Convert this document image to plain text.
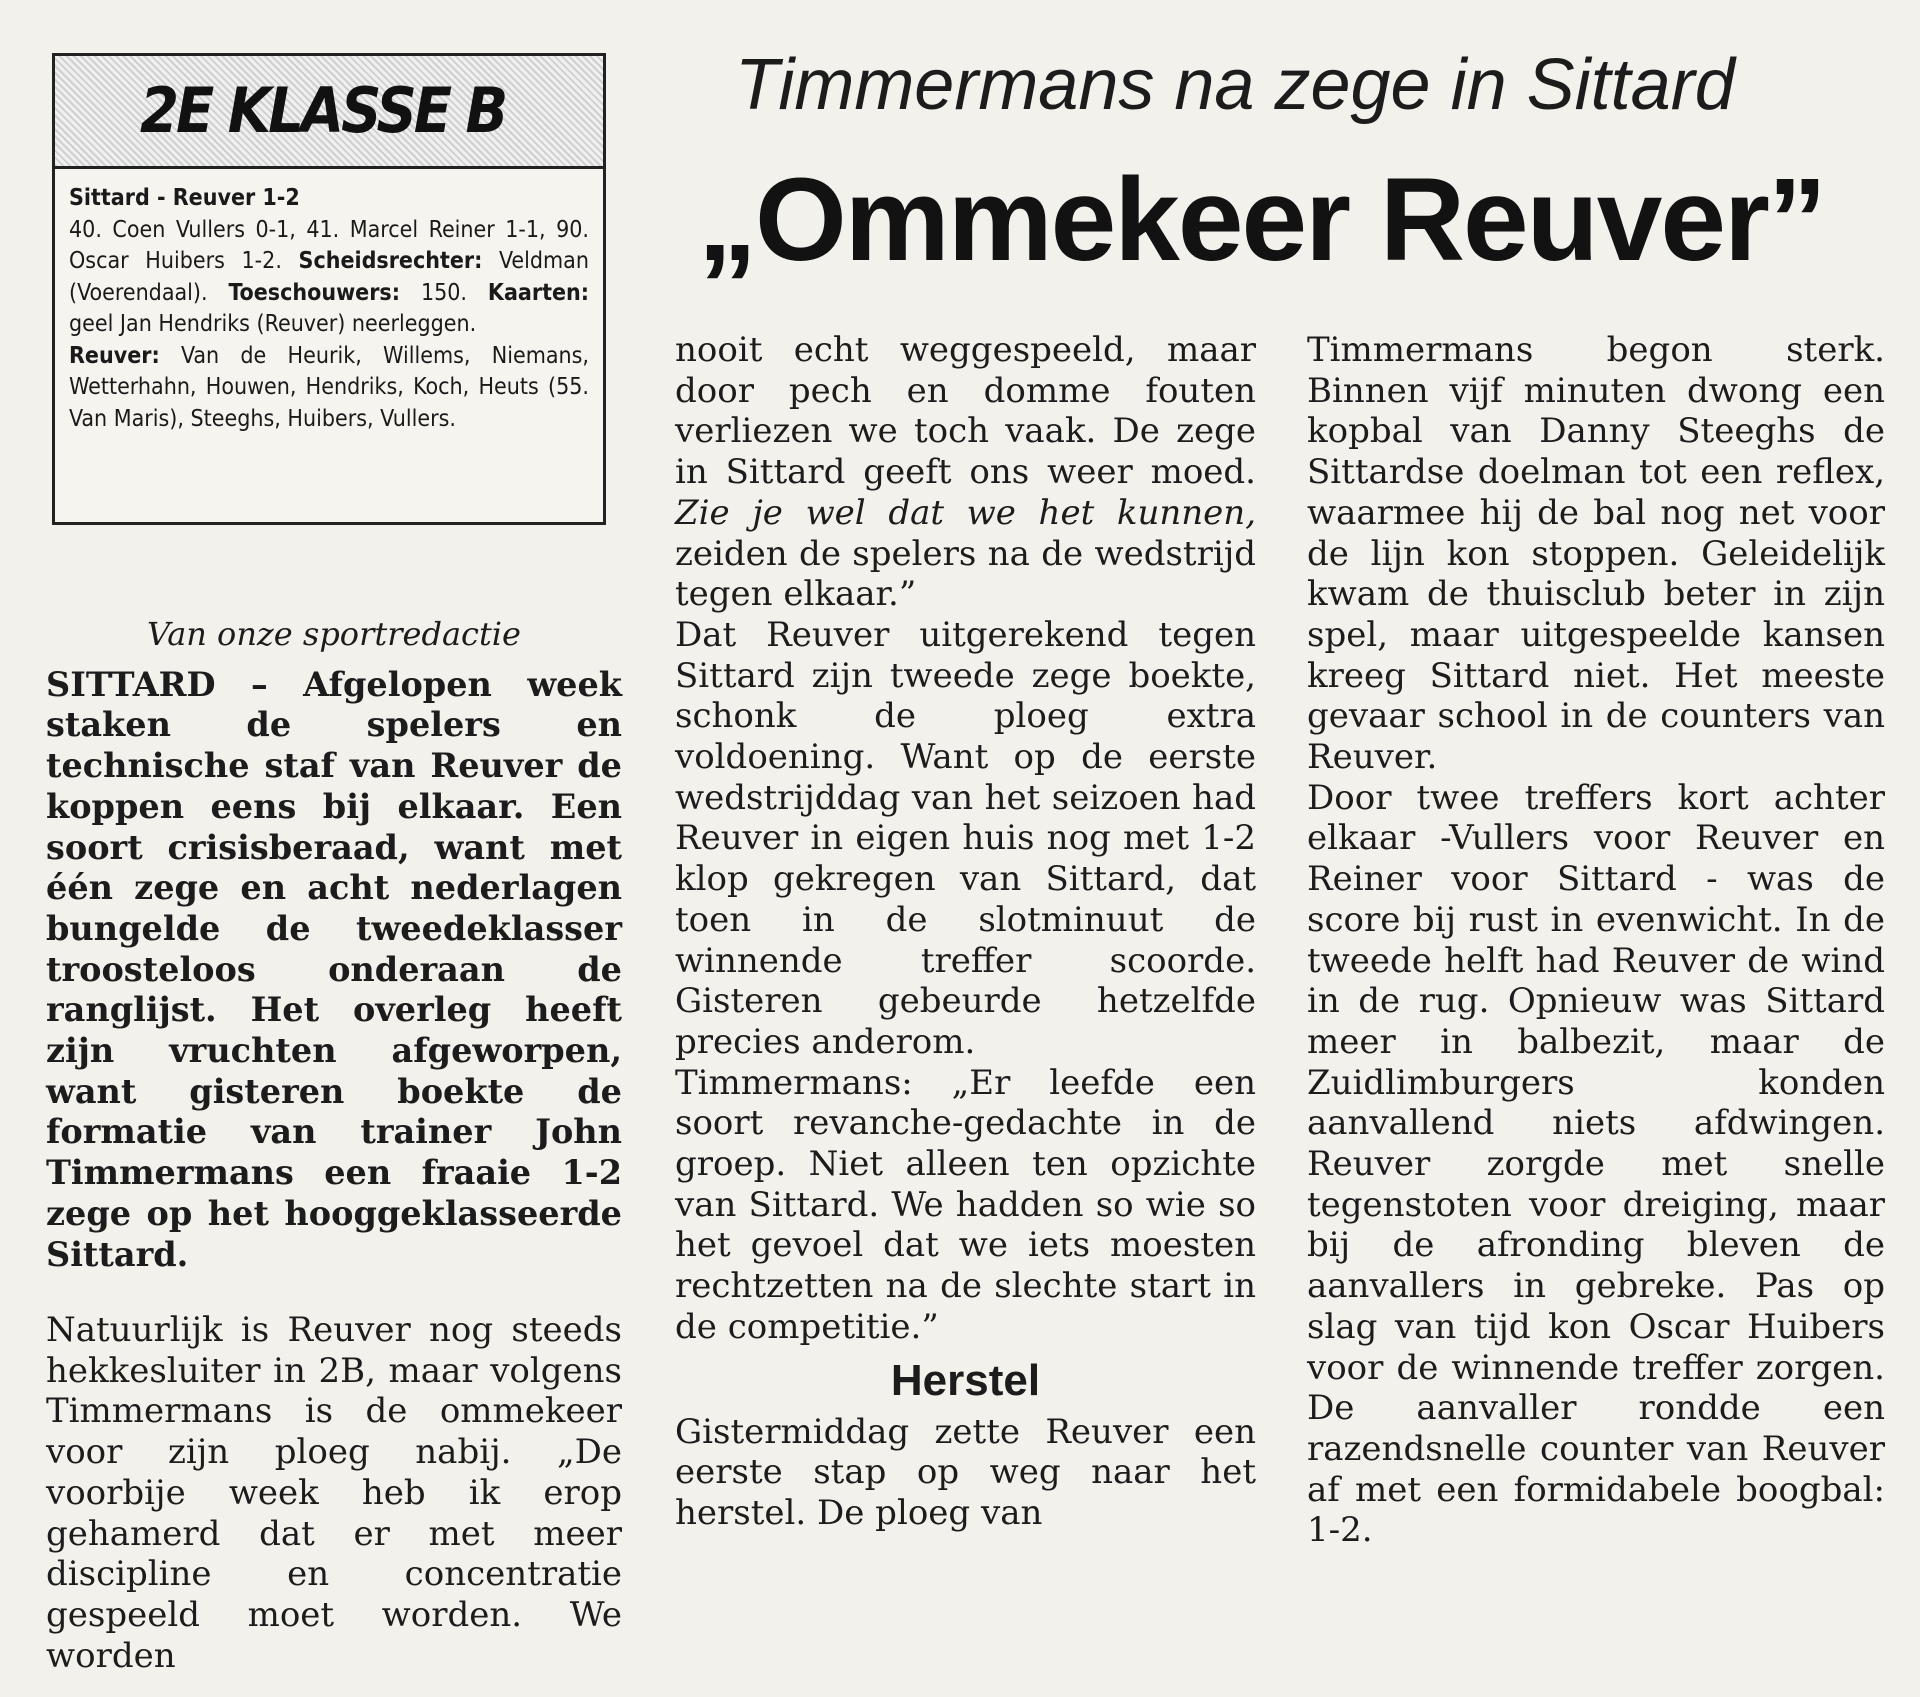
2E KLASSE B

Sittard - Reuver 1-2

40. Coen Vullers 0-1, 41. Marcel Reiner 1-1, 90. Oscar Huibers 1-2. Scheidsrechter: Veldman (Voerendaal). Toeschouwers: 150. Kaarten: geel Jan Hendriks (Reuver) neerleggen.

Reuver: Van de Heurik, Willems, Niemans, Wetterhahn, Houwen, Hendriks, Koch, Heuts (55. Van Maris), Steeghs, Huibers, Vullers.

Timmermans na zege in Sittard
„Ommekeer Reuver”

Van onze sportredactie

SITTARD – Afgelopen week staken de spelers en technische staf van Reuver de koppen eens bij elkaar. Een soort crisisberaad, want met één zege en acht nederlagen bungelde de tweedeklasser troosteloos onderaan de ranglijst. Het overleg heeft zijn vruchten afgeworpen, want gisteren boekte de formatie van trainer John Timmermans een fraaie 1-2 zege op het hooggeklasseerde Sittard.

Natuurlijk is Reuver nog steeds hekkesluiter in 2B, maar volgens Timmermans is de ommekeer voor zijn ploeg nabij. „De voorbije week heb ik erop gehamerd dat er met meer discipline en concentratie gespeeld moet worden. We worden

nooit echt weggespeeld, maar door pech en domme fouten verliezen we toch vaak. De zege in Sittard geeft ons weer moed. Zie je wel dat we het kunnen, zeiden de spelers na de wedstrijd tegen elkaar.”

Dat Reuver uitgerekend tegen Sittard zijn tweede zege boekte, schonk de ploeg extra voldoening. Want op de eerste wedstrijddag van het seizoen had Reuver in eigen huis nog met 1-2 klop gekregen van Sittard, dat toen in de slotminuut de winnende treffer scoorde. Gisteren gebeurde hetzelfde precies anderom.

Timmermans: „Er leefde een soort revanche-gedachte in de groep. Niet alleen ten opzichte van Sittard. We hadden so wie so het gevoel dat we iets moesten rechtzetten na de slechte start in de competitie.”

Herstel

Gistermiddag zette Reuver een eerste stap op weg naar het herstel. De ploeg van

Timmermans begon sterk. Binnen vijf minuten dwong een kopbal van Danny Steeghs de Sittardse doelman tot een reflex, waarmee hij de bal nog net voor de lijn kon stoppen. Geleidelijk kwam de thuisclub beter in zijn spel, maar uitgespeelde kansen kreeg Sittard niet. Het meeste gevaar school in de counters van Reuver.

Door twee treffers kort achter elkaar -Vullers voor Reuver en Reiner voor Sittard - was de score bij rust in evenwicht. In de tweede helft had Reuver de wind in de rug. Opnieuw was Sittard meer in balbezit, maar de Zuidlimburgers konden aanvallend niets afdwingen. Reuver zorgde met snelle tegenstoten voor dreiging, maar bij de afronding bleven de aanvallers in gebreke. Pas op slag van tijd kon Oscar Huibers voor de winnende treffer zorgen. De aanvaller rondde een razendsnelle counter van Reuver af met een formidabele boogbal: 1-2.
